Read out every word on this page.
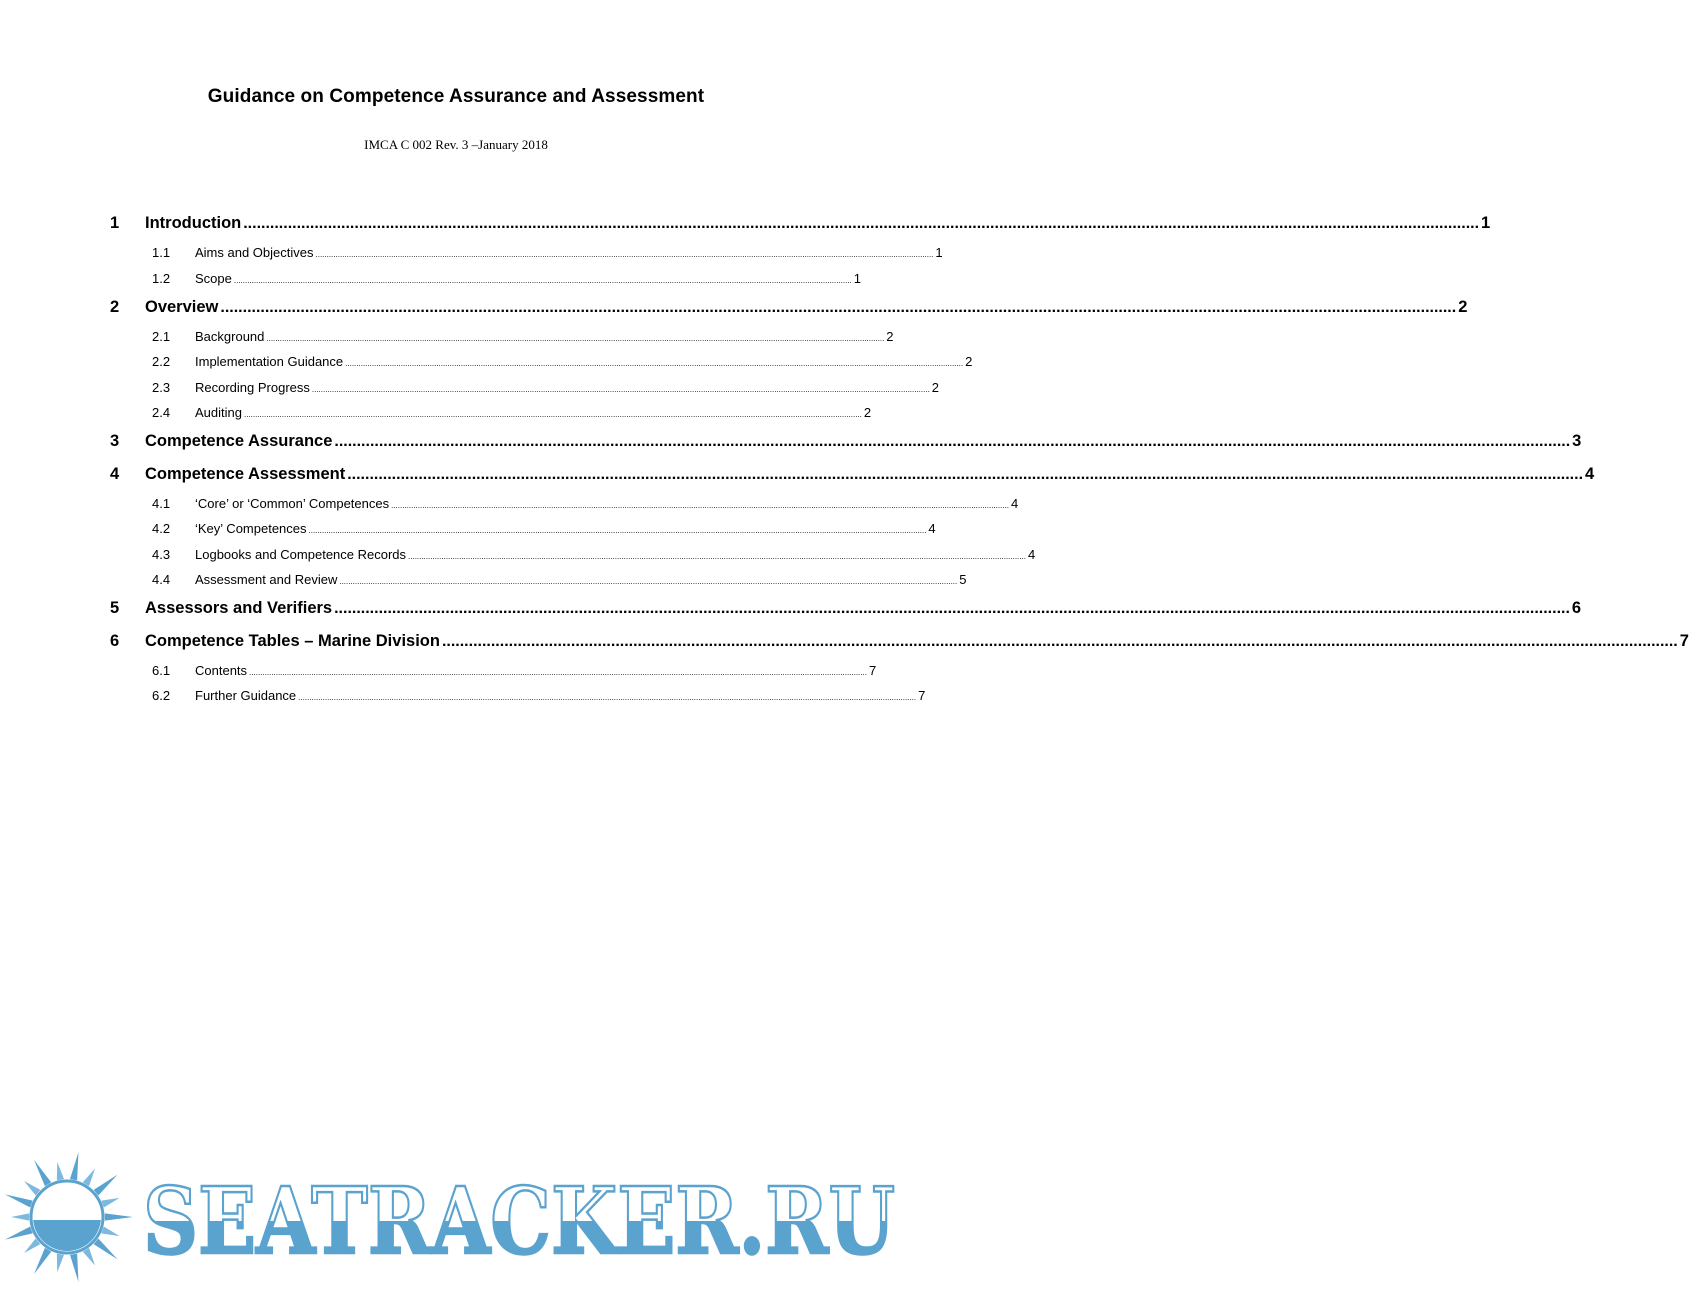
Guidance on Competence Assurance and Assessment
IMCA C 002 Rev. 3 –January 2018
1	Introduction ...................................................................................................................................................................................................................................................................................... 1
1.1	Aims and Objectives ...................................................................................................................................................................................................................................................................................... 1
1.2	Scope ...................................................................................................................................................................................................................................................................................... 1
2	Overview ...................................................................................................................................................................................................................................................................................... 2
2.1	Background ...................................................................................................................................................................................................................................................................................... 2
2.2	Implementation Guidance ...................................................................................................................................................................................................................................................................................... 2
2.3	Recording Progress ...................................................................................................................................................................................................................................................................................... 2
2.4	Auditing ...................................................................................................................................................................................................................................................................................... 2
3	Competence Assurance ...................................................................................................................................................................................................................................................................................... 3
4	Competence Assessment ...................................................................................................................................................................................................................................................................................... 4
4.1	‘Core’ or ‘Common’ Competences ...................................................................................................................................................................................................................................................................................... 4
4.2	‘Key’ Competences ...................................................................................................................................................................................................................................................................................... 4
4.3	Logbooks and Competence Records ...................................................................................................................................................................................................................................................................................... 4
4.4	Assessment and Review ...................................................................................................................................................................................................................................................................................... 5
5	Assessors and Verifiers ...................................................................................................................................................................................................................................................................................... 6
6	Competence Tables – Marine Division ...................................................................................................................................................................................................................................................................................... 7
6.1	Contents ...................................................................................................................................................................................................................................................................................... 7
6.2	Further Guidance ...................................................................................................................................................................................................................................................................................... 7
SEATRACKER.RU
